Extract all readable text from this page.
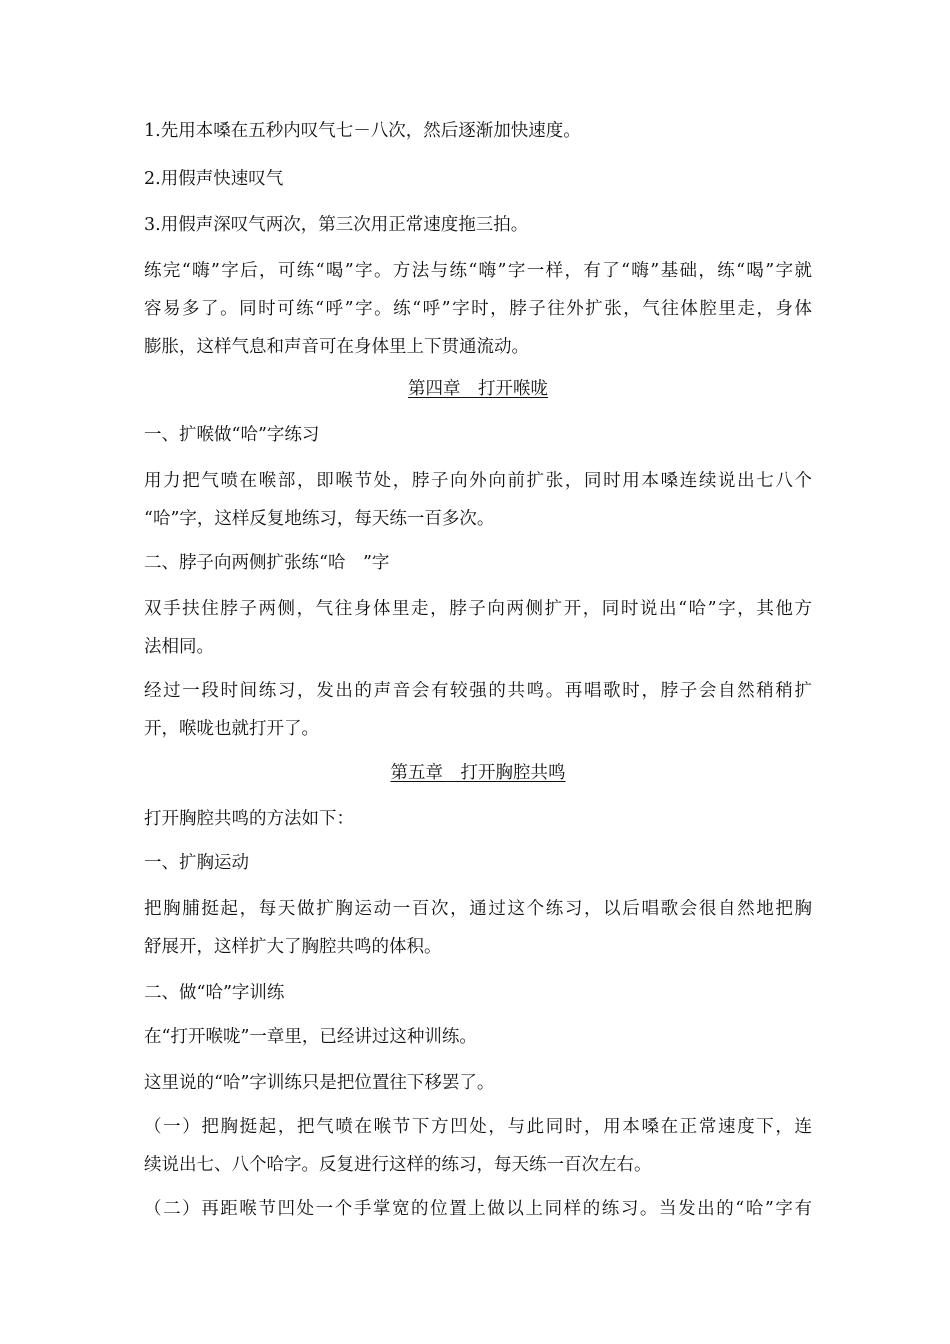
1.先用本嗓在五秒内叹气七－八次，然后逐渐加快速度。
2.用假声快速叹气
3.用假声深叹气两次，第三次用正常速度拖三拍。
练完“嗨”字后，可练“喝”字。方法与练“嗨”字一样，有了“嗨”基础，练“喝”字就
容易多了。同时可练“呼”字。练“呼”字时，脖子往外扩张，气往体腔里走，身体
膨胀，这样气息和声音可在身体里上下贯通流动。
第四章　打开喉咙
一、扩喉做“哈”字练习
用力把气喷在喉部，即喉节处，脖子向外向前扩张，同时用本嗓连续说出七八个
“哈”字，这样反复地练习，每天练一百多次。
二、脖子向两侧扩张练“哈　”字
双手扶住脖子两侧，气往身体里走，脖子向两侧扩开，同时说出“哈”字，其他方
法相同。
经过一段时间练习，发出的声音会有较强的共鸣。再唱歌时，脖子会自然稍稍扩
开，喉咙也就打开了。
第五章　打开胸腔共鸣
打开胸腔共鸣的方法如下：
一、扩胸运动
把胸脯挺起，每天做扩胸运动一百次，通过这个练习，以后唱歌会很自然地把胸
舒展开，这样扩大了胸腔共鸣的体积。
二、做“哈”字训练
在“打开喉咙”一章里，已经讲过这种训练。
这里说的“哈”字训练只是把位置往下移罢了。
（一）把胸挺起，把气喷在喉节下方凹处，与此同时，用本嗓在正常速度下，连
续说出七、八个哈字。反复进行这样的练习，每天练一百次左右。
（二）再距喉节凹处一个手掌宽的位置上做以上同样的练习。当发出的“哈”字有
